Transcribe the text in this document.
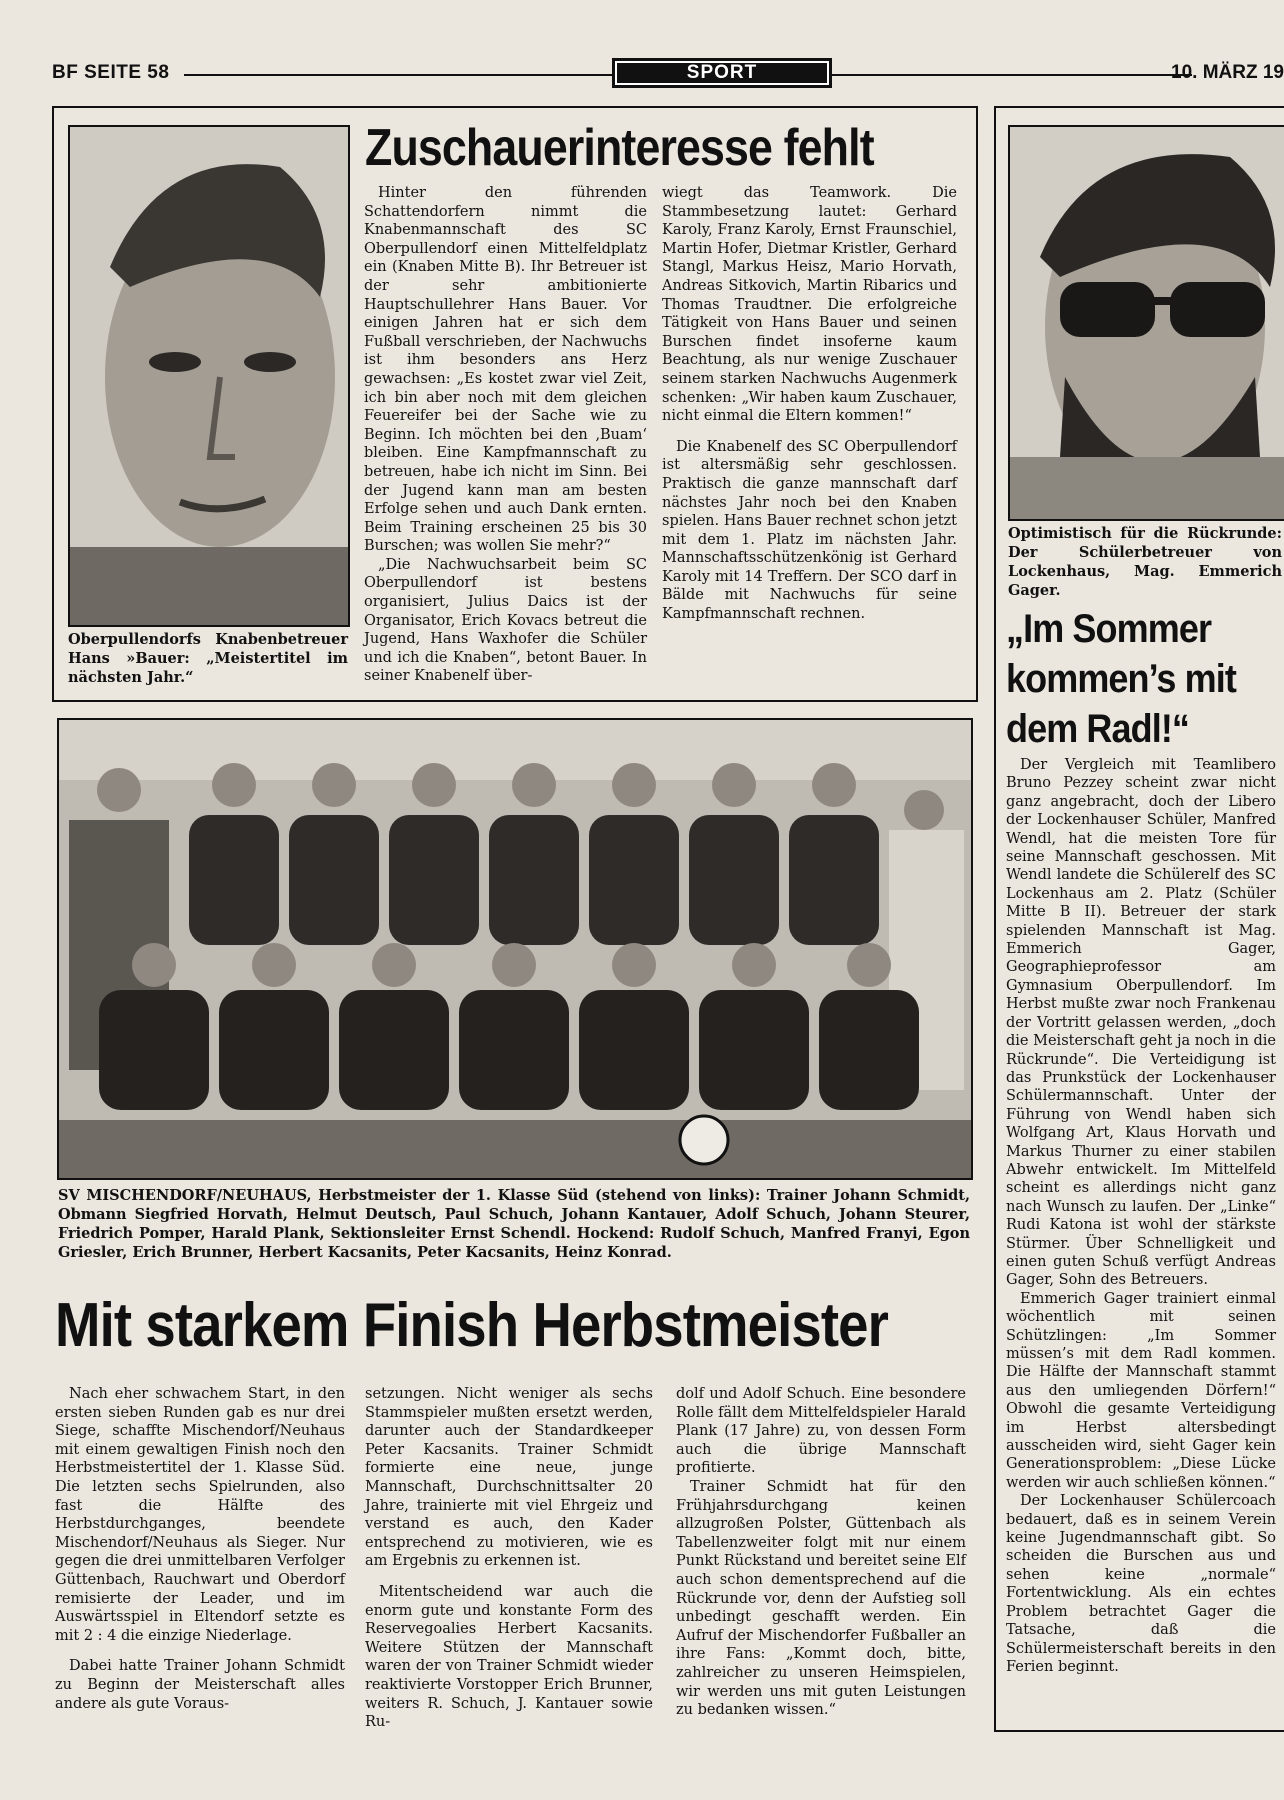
BF SEITE 58	SPORT	10. MÄRZ 19
Oberpullendorfs Knabenbetreuer Hans »Bauer: „Meistertitel im nächsten Jahr.“
Zuschauerinteresse fehlt

Hinter den führenden Schattendorfern nimmt die Knabenmannschaft des SC Oberpullendorf einen Mittelfeldplatz ein (Knaben Mitte B). Ihr Betreuer ist der sehr ambitionierte Hauptschullehrer Hans Bauer. Vor einigen Jahren hat er sich dem Fußball verschrieben, der Nachwuchs ist ihm besonders ans Herz gewachsen: „Es kostet zwar viel Zeit, ich bin aber noch mit dem gleichen Feuereifer bei der Sache wie zu Beginn. Ich möchten bei den ‚Buam‘ bleiben. Eine Kampfmannschaft zu betreuen, habe ich nicht im Sinn. Bei der Jugend kann man am besten Erfolge sehen und auch Dank ernten. Beim Training erscheinen 25 bis 30 Burschen; was wollen Sie mehr?“

„Die Nachwuchsarbeit beim SC Oberpullendorf ist bestens organisiert, Julius Daics ist der Organisator, Erich Kovacs betreut die Jugend, Hans Waxhofer die Schüler und ich die Knaben“, betont Bauer. In seiner Knabenelf über-

wiegt das Teamwork. Die Stammbesetzung lautet: Gerhard Karoly, Franz Karoly, Ernst Fraunschiel, Martin Hofer, Dietmar Kristler, Gerhard Stangl, Markus Heisz, Mario Horvath, Andreas Sitkovich, Martin Ribarics und Thomas Traudtner. Die erfolgreiche Tätigkeit von Hans Bauer und seinen Burschen findet insoferne kaum Beachtung, als nur wenige Zuschauer seinem starken Nachwuchs Augenmerk schenken: „Wir haben kaum Zuschauer, nicht einmal die Eltern kommen!“

Die Knabenelf des SC Oberpullendorf ist altersmäßig sehr geschlossen. Praktisch die ganze mannschaft darf nächstes Jahr noch bei den Knaben spielen. Hans Bauer rechnet schon jetzt mit dem 1. Platz im nächsten Jahr. Mannschaftsschützenkönig ist Gerhard Karoly mit 14 Treffern. Der SCO darf in Bälde mit Nachwuchs für seine Kampfmannschaft rechnen.

SV MISCHENDORF/NEUHAUS, Herbstmeister der 1. Klasse Süd (stehend von links): Trainer Johann Schmidt, Obmann Siegfried Horvath, Helmut Deutsch, Paul Schuch, Johann Kantauer, Adolf Schuch, Johann Steurer, Friedrich Pomper, Harald Plank, Sektionsleiter Ernst Schendl. Hockend: Rudolf Schuch, Manfred Franyi, Egon Griesler, Erich Brunner, Herbert Kacsanits, Peter Kacsanits, Heinz Konrad.
Mit starkem Finish Herbstmeister

Nach eher schwachem Start, in den ersten sieben Runden gab es nur drei Siege, schaffte Mischendorf/Neuhaus mit einem gewaltigen Finish noch den Herbstmeistertitel der 1. Klasse Süd. Die letzten sechs Spielrunden, also fast die Hälfte des Herbstdurchganges, beendete Mischendorf/Neuhaus als Sieger. Nur gegen die drei unmittelbaren Verfolger Güttenbach, Rauchwart und Oberdorf remisierte der Leader, und im Auswärtsspiel in Eltendorf setzte es mit 2 : 4 die einzige Niederlage.

Dabei hatte Trainer Johann Schmidt zu Beginn der Meisterschaft alles andere als gute Voraus-

setzungen. Nicht weniger als sechs Stammspieler mußten ersetzt werden, darunter auch der Standardkeeper Peter Kacsanits. Trainer Schmidt formierte eine neue, junge Mannschaft, Durchschnittsalter 20 Jahre, trainierte mit viel Ehrgeiz und verstand es auch, den Kader entsprechend zu motivieren, wie es am Ergebnis zu erkennen ist.

Mitentscheidend war auch die enorm gute und konstante Form des Reservegoalies Herbert Kacsanits. Weitere Stützen der Mannschaft waren der von Trainer Schmidt wieder reaktivierte Vorstopper Erich Brunner, weiters R. Schuch, J. Kantauer sowie Ru-

dolf und Adolf Schuch. Eine besondere Rolle fällt dem Mittelfeldspieler Harald Plank (17 Jahre) zu, von dessen Form auch die übrige Mannschaft profitierte.

Trainer Schmidt hat für den Frühjahrsdurchgang keinen allzugroßen Polster, Güttenbach als Tabellenzweiter folgt mit nur einem Punkt Rückstand und bereitet seine Elf auch schon dementsprechend auf die Rückrunde vor, denn der Aufstieg soll unbedingt geschafft werden. Ein Aufruf der Mischendorfer Fußballer an ihre Fans: „Kommt doch, bitte, zahlreicher zu unseren Heimspielen, wir werden uns mit guten Leistungen zu bedanken wissen.“

Optimistisch für die Rückrunde: Der Schülerbetreuer von Lockenhaus, Mag. Emmerich Gager.
„Im Sommer
kommen’s mit
dem Radl!“

Der Vergleich mit Teamlibero Bruno Pezzey scheint zwar nicht ganz angebracht, doch der Libero der Lockenhauser Schüler, Manfred Wendl, hat die meisten Tore für seine Mannschaft geschossen. Mit Wendl landete die Schülerelf des SC Lockenhaus am 2. Platz (Schüler Mitte B II). Betreuer der stark spielenden Mannschaft ist Mag. Emmerich Gager, Geographieprofessor am Gymnasium Oberpullendorf. Im Herbst mußte zwar noch Frankenau der Vortritt gelassen werden, „doch die Meisterschaft geht ja noch in die Rückrunde“. Die Verteidigung ist das Prunkstück der Lockenhauser Schülermannschaft. Unter der Führung von Wendl haben sich Wolfgang Art, Klaus Horvath und Markus Thurner zu einer stabilen Abwehr entwickelt. Im Mittelfeld scheint es allerdings nicht ganz nach Wunsch zu laufen. Der „Linke“ Rudi Katona ist wohl der stärkste Stürmer. Über Schnelligkeit und einen guten Schuß verfügt Andreas Gager, Sohn des Betreuers.

Emmerich Gager trainiert einmal wöchentlich mit seinen Schützlingen: „Im Sommer müssen’s mit dem Radl kommen. Die Hälfte der Mannschaft stammt aus den umliegenden Dörfern!“ Obwohl die gesamte Verteidigung im Herbst altersbedingt ausscheiden wird, sieht Gager kein Generationsproblem: „Diese Lücke werden wir auch schließen können.“

Der Lockenhauser Schülercoach bedauert, daß es in seinem Verein keine Jugendmannschaft gibt. So scheiden die Burschen aus und sehen keine „normale“ Fortentwicklung. Als ein echtes Problem betrachtet Gager die Tatsache, daß die Schülermeisterschaft bereits in den Ferien beginnt.
